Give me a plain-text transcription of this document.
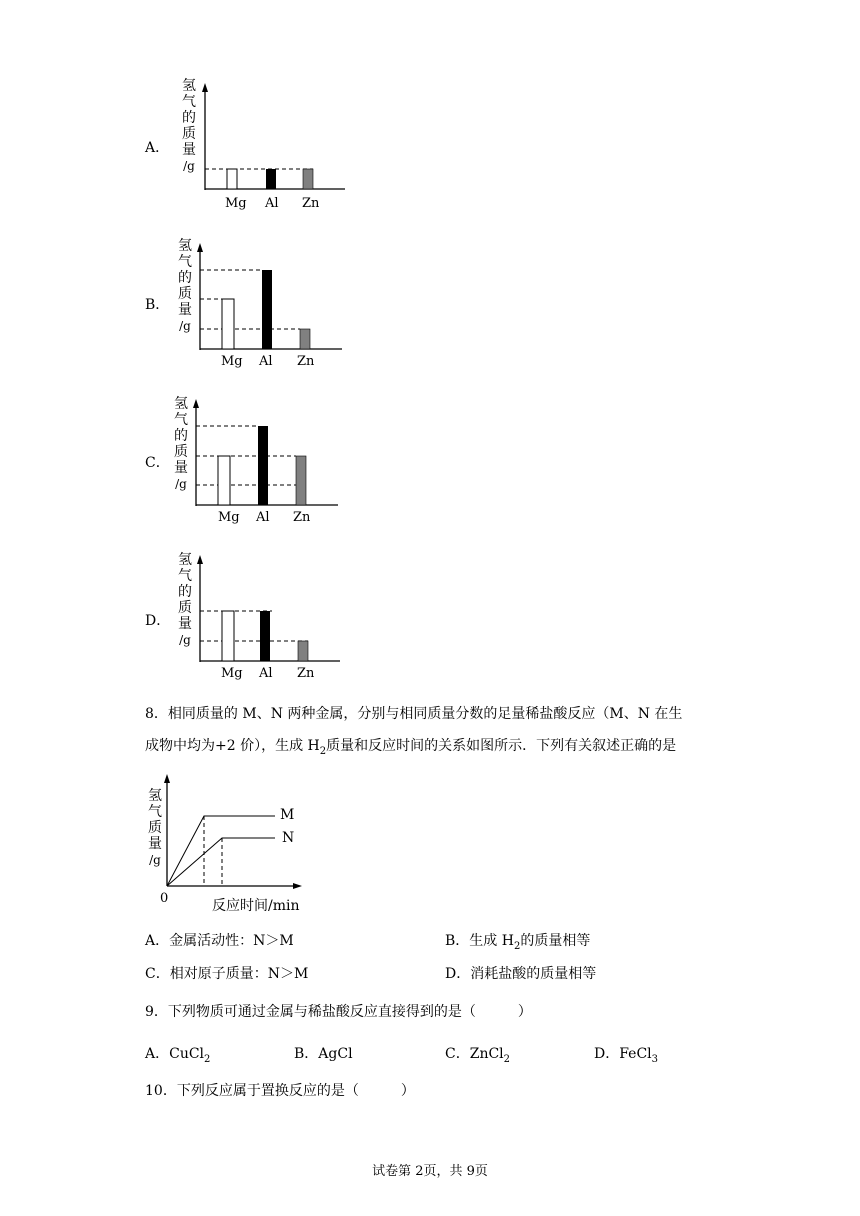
A．
氢
气
的
质
量
/g
Mg Al Zn
B．
氢
气
的
质
量
/g
Mg Al Zn
C．
氢
气
的
质
量
/g
Mg Al Zn
D．
氢
气
的
质
量
/g
Mg Al Zn
8．相同质量的 M、N 两种金属，分别与相同质量分数的足量稀盐酸反应（M、N 在生
成物中均为+2 价），生成 $H_2$质量和反应时间的关系如图所示．下列有关叙述正确的是
氢
气
质
量
/g
M
N
0	反应时间/min
A．金属活动性：N＞M	B．生成 $H_2$的质量相等
C．相对原子质量：N＞M	D．消耗盐酸的质量相等
9．下列物质可通过金属与稀盐酸反应直接得到的是（　　　）
A．CuCl$_2$	B．AgCl	C．ZnCl$_2$	D．FeCl$_3$
10．下列反应属于置换反应的是（　　　）
试卷第 2页，共 9页
